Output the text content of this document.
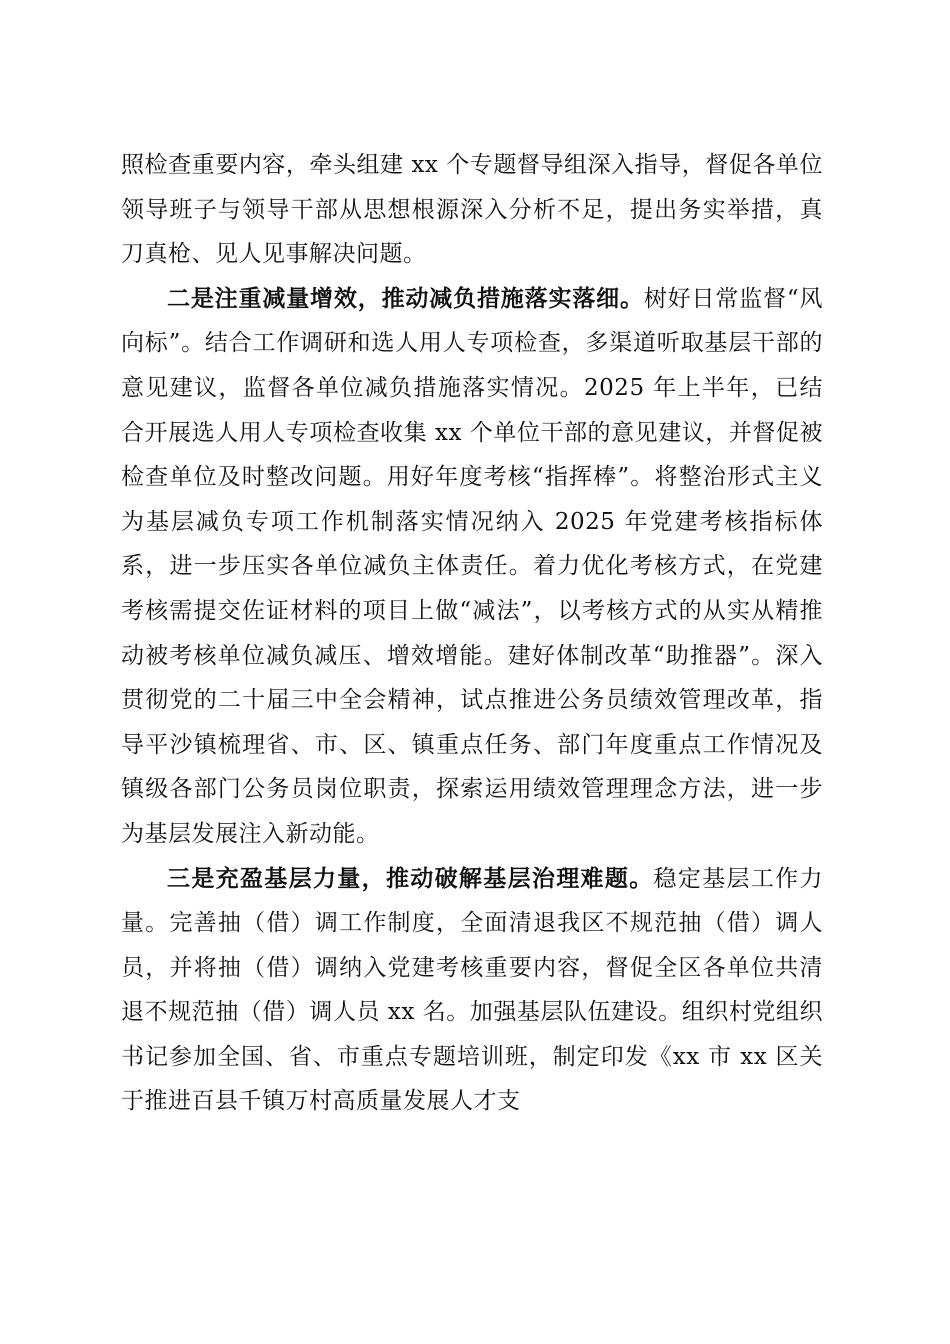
照检查重要内容，牵头组建 xx 个专题督导组深入指导，督促各单位领导班子与领导干部从思想根源深入分析不足，提出务实举措，真刀真枪、见人见事解决问题。

二是注重减量增效，推动减负措施落实落细。树好日常监督“风向标”。结合工作调研和选人用人专项检查，多渠道听取基层干部的意见建议，监督各单位减负措施落实情况。2025 年上半年，已结合开展选人用人专项检查收集 xx 个单位干部的意见建议，并督促被检查单位及时整改问题。用好年度考核“指挥棒”。将整治形式主义为基层减负专项工作机制落实情况纳入 2025 年党建考核指标体系，进一步压实各单位减负主体责任。着力优化考核方式，在党建考核需提交佐证材料的项目上做“减法”，以考核方式的从实从精推动被考核单位减负减压、增效增能。建好体制改革“助推器”。深入贯彻党的二十届三中全会精神，试点推进公务员绩效管理改革，指导平沙镇梳理省、市、区、镇重点任务、部门年度重点工作情况及镇级各部门公务员岗位职责，探索运用绩效管理理念方法，进一步为基层发展注入新动能。

三是充盈基层力量，推动破解基层治理难题。稳定基层工作力量。完善抽（借）调工作制度，全面清退我区不规范抽（借）调人员，并将抽（借）调纳入党建考核重要内容，督促全区各单位共清退不规范抽（借）调人员 xx 名。加强基层队伍建设。组织村党组织书记参加全国、省、市重点专题培训班，制定印发《xx 市 xx 区关于推进百县千镇万村高质量发展人才支
